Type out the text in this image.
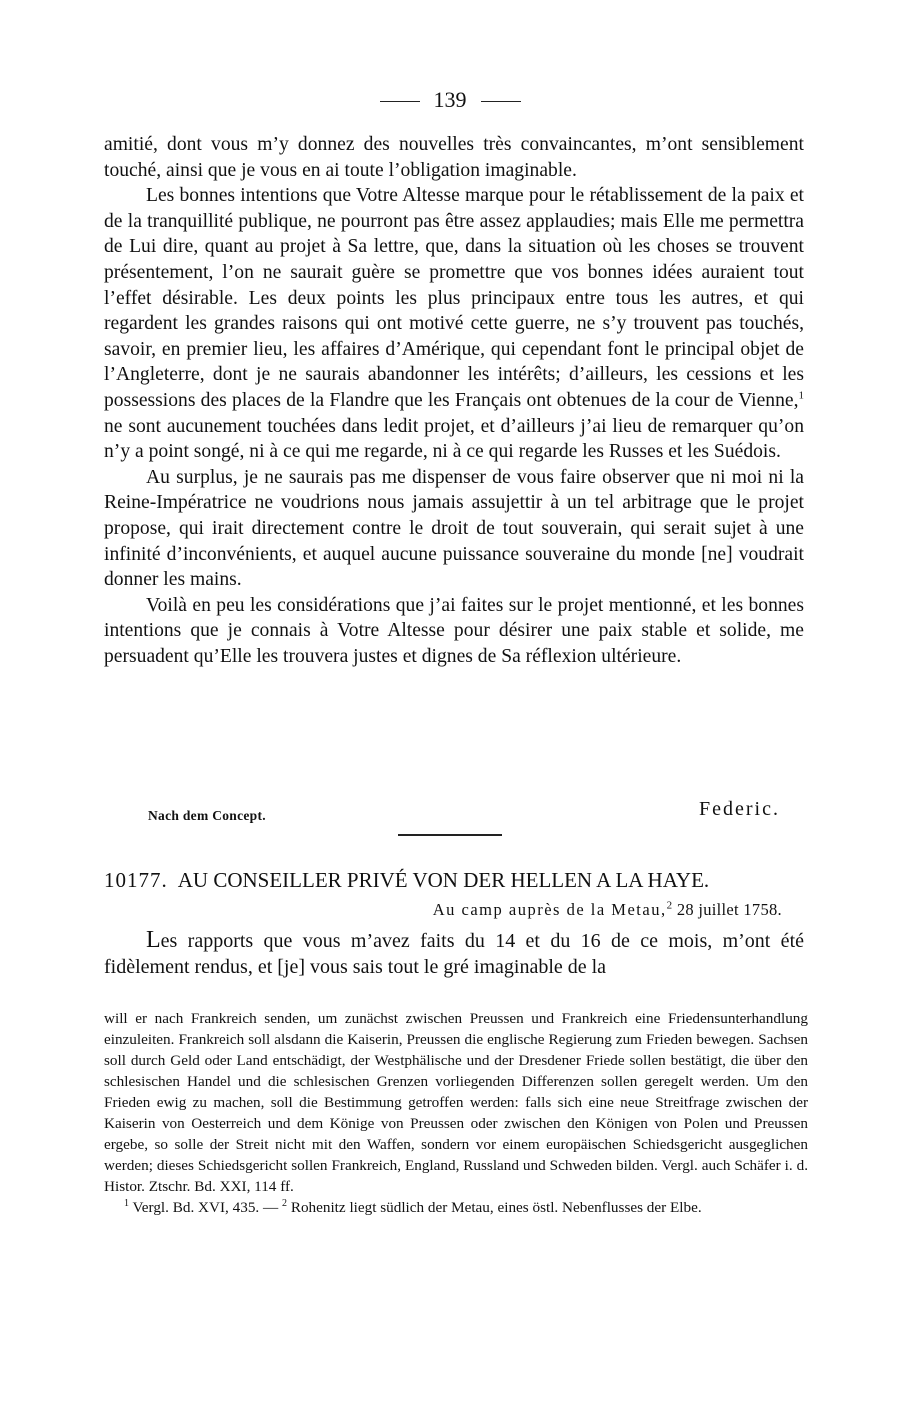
139

amitié, dont vous m’y donnez des nouvelles très convaincantes, m’ont sensiblement touché, ainsi que je vous en ai toute l’obligation imaginable.

Les bonnes intentions que Votre Altesse marque pour le rétablissement de la paix et de la tranquillité publique, ne pourront pas être assez applaudies; mais Elle me permettra de Lui dire, quant au projet à Sa lettre, que, dans la situation où les choses se trouvent présentement, l’on ne saurait guère se promettre que vos bonnes idées auraient tout l’effet désirable. Les deux points les plus principaux entre tous les autres, et qui regardent les grandes raisons qui ont motivé cette guerre, ne s’y trouvent pas touchés, savoir, en premier lieu, les affaires d’Amérique, qui cependant font le principal objet de l’Angleterre, dont je ne saurais abandonner les intérêts; d’ailleurs, les cessions et les possessions des places de la Flandre que les Français ont obtenues de la cour de Vienne,$^1$ ne sont aucunement touchées dans ledit projet, et d’ailleurs j’ai lieu de remarquer qu’on n’y a point songé, ni à ce qui me regarde, ni à ce qui regarde les Russes et les Suédois.

Au surplus, je ne saurais pas me dispenser de vous faire observer que ni moi ni la Reine-Impératrice ne voudrions nous jamais assujettir à un tel arbitrage que le projet propose, qui irait directement contre le droit de tout souverain, qui serait sujet à une infinité d’inconvénients, et auquel aucune puissance souveraine du monde [ne] voudrait donner les mains.

Voilà en peu les considérations que j’ai faites sur le projet mentionné, et les bonnes intentions que je connais à Votre Altesse pour désirer une paix stable et solide, me persuadent qu’Elle les trouvera justes et dignes de Sa réflexion ultérieure.

Nach dem Concept.	Federic.
10177. AU CONSEILLER PRIVÉ VON DER HELLEN A LA HAYE.
Au camp auprès de la Metau,$^2$ 28 juillet 1758.

Les rapports que vous m’avez faits du 14 et du 16 de ce mois, m’ont été fidèlement rendus, et [je] vous sais tout le gré imaginable de la

will er nach Frankreich senden, um zunächst zwischen Preussen und Frankreich eine Friedensunterhandlung einzuleiten. Frankreich soll alsdann die Kaiserin, Preussen die englische Regierung zum Frieden bewegen. Sachsen soll durch Geld oder Land entschädigt, der Westphälische und der Dresdener Friede sollen bestätigt, die über den schlesischen Handel und die schlesischen Grenzen vorliegenden Differenzen sollen geregelt werden. Um den Frieden ewig zu machen, soll die Bestimmung getroffen werden: falls sich eine neue Streitfrage zwischen der Kaiserin von Oesterreich und dem Könige von Preussen oder zwischen den Königen von Polen und Preussen ergebe, so solle der Streit nicht mit den Waffen, sondern vor einem europäischen Schiedsgericht ausgeglichen werden; dieses Schiedsgericht sollen Frankreich, England, Russland und Schweden bilden. Vergl. auch Schäfer i. d. Histor. Ztschr. Bd. XXI, 114 ff.

$^1$ Vergl. Bd. XVI, 435. — $^2$ Rohenitz liegt südlich der Metau, eines östl. Nebenflusses der Elbe.
